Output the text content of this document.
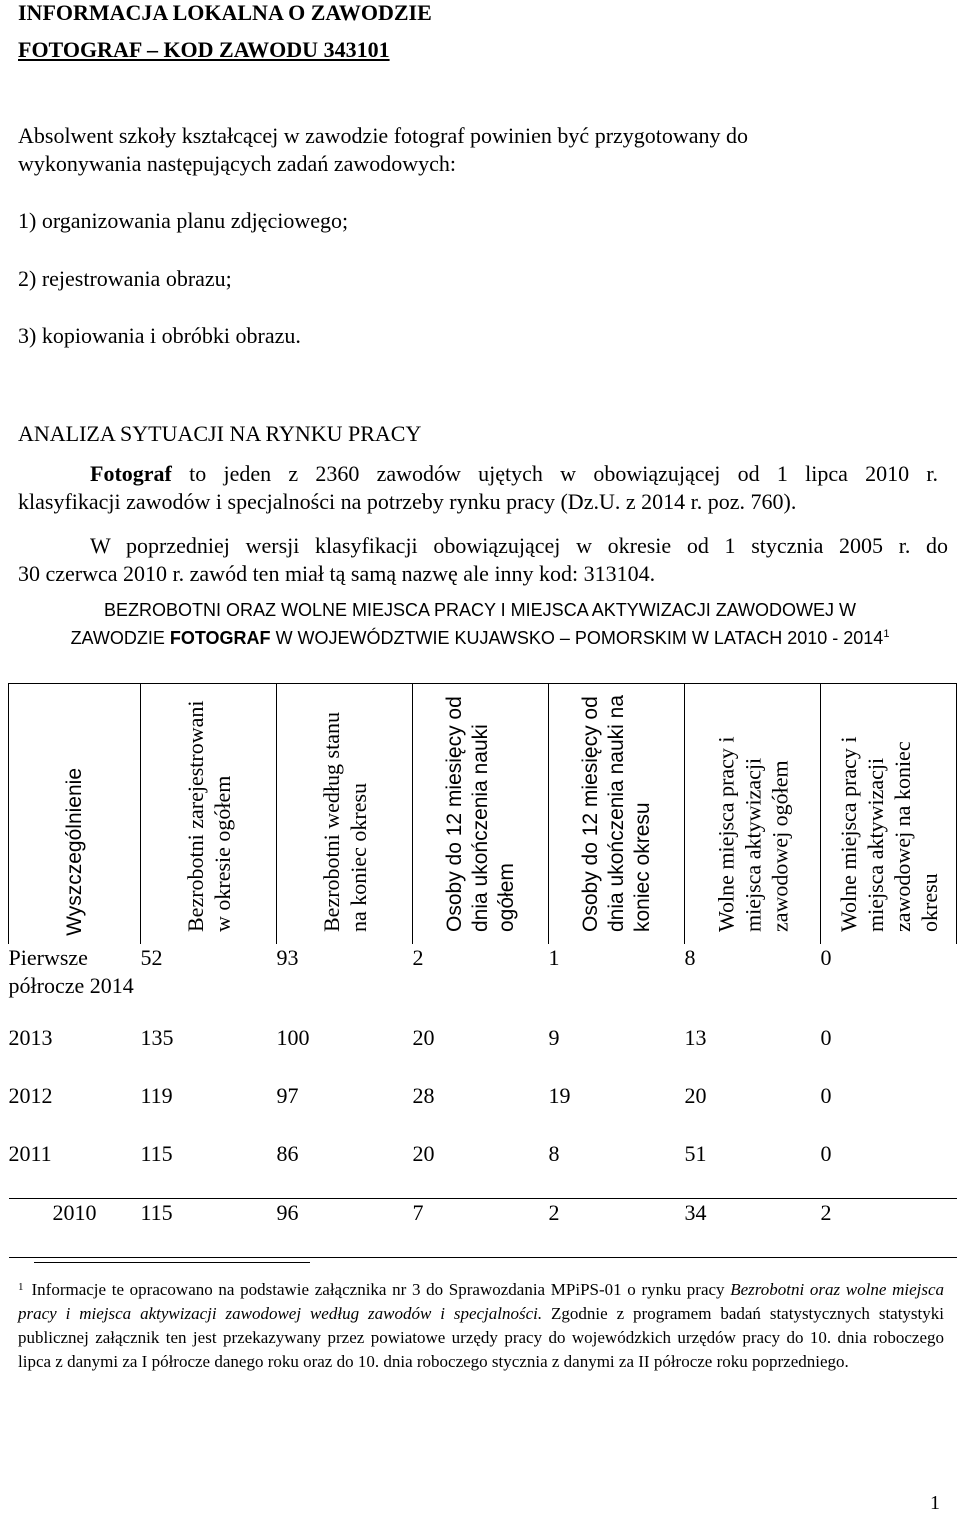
INFORMACJA LOKALNA O ZAWODZIE
FOTOGRAF – KOD ZAWODU 343101
Absolwent szkoły kształcącej w zawodzie fotograf powinien być przygotowany do
wykonywania następujących zadań zawodowych:
1) organizowania planu zdjęciowego;
2) rejestrowania obrazu;
3) kopiowania i obróbki obrazu.
ANALIZA SYTUACJI NA RYNKU PRACY
Fotograf to jeden z 2360 zawodów ujętych w obowiązującej od 1 lipca 2010 r.
klasyfikacji zawodów i specjalności na potrzeby rynku pracy (Dz.U. z 2014 r. poz. 760).
W poprzedniej wersji klasyfikacji obowiązującej w okresie od 1 stycznia 2005 r. do
30 czerwca 2010 r. zawód ten miał tą samą nazwę ale inny kod: 313104.
BEZROBOTNI ORAZ WOLNE MIEJSCA PRACY I MIEJSCA AKTYWIZACJI ZAWODOWEJ W
ZAWODZIE FOTOGRAF W WOJEWÓDZTWIE KUJAWSKO – POMORSKIM W LATACH 2010 - 2014$^1$
Wyszczególnienie	Bezrobotni zarejestrowani w okresie ogółem	Bezrobotni według stanu na koniec okresu	Osoby do 12 miesięcy od dnia ukończenia nauki ogółem	Osoby do 12 miesięcy od dnia ukończenia nauki na koniec okresu	Wolne miejsca pracy i miejsca aktywizacji zawodowej ogółem	Wolne miejsca pracy i miejsca aktywizacji zawodowej na koniec okresu

Pierwsze półrocze 2014	52	93	2	1	8	0
2013	135	100	20	9	13	0
2012	119	97	28	19	20	0
2011	115	86	20	8	51	0
2010	115	96	7	2	34	2
$^1$ Informacje te opracowano na podstawie załącznika nr 3 do Sprawozdania MPiPS-01 o rynku pracy Bezrobotni oraz wolne miejsca pracy i miejsca aktywizacji zawodowej według zawodów i specjalności. Zgodnie z programem badań statystycznych statystyki publicznej załącznik ten jest przekazywany przez powiatowe urzędy pracy do wojewódzkich urzędów pracy do 10. dnia roboczego lipca z danymi za I półrocze danego roku oraz do 10. dnia roboczego stycznia z danymi za II półrocze roku poprzedniego.
1
